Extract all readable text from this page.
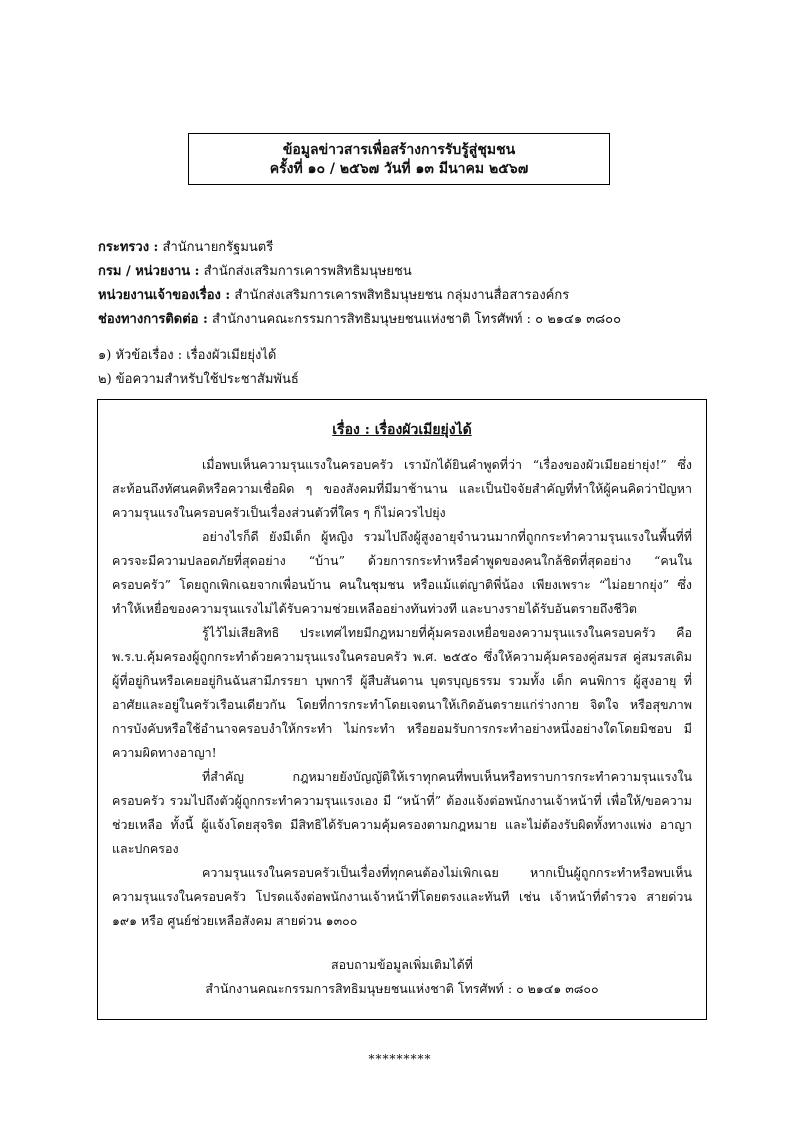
ข้อมูลข่าวสารเพื่อสร้างการรับรู้สู่ชุมชน
ครั้งที่ ๑๐ / ๒๕๖๗ วันที่ ๑๓ มีนาคม ๒๕๖๗
กระทรวง : สำนักนายกรัฐมนตรี
กรม / หน่วยงาน : สำนักส่งเสริมการเคารพสิทธิมนุษยชน
หน่วยงานเจ้าของเรื่อง : สำนักส่งเสริมการเคารพสิทธิมนุษยชน กลุ่มงานสื่อสารองค์กร
ช่องทางการติดต่อ : สำนักงานคณะกรรมการสิทธิมนุษยชนแห่งชาติ โทรศัพท์ : ๐ ๒๑๔๑ ๓๘๐๐
๑) หัวข้อเรื่อง : เรื่องผัวเมียยุ่งได้
๒) ข้อความสำหรับใช้ประชาสัมพันธ์
เรื่อง : เรื่องผัวเมียยุ่งได้

เมื่อพบเห็นความรุนแรงในครอบครัว เรามักได้ยินคำพูดที่ว่า “เรื่องของผัวเมียอย่ายุ่ง!” ซึ่งสะท้อนถึงทัศนคติหรือความเชื่อผิด ๆ ของสังคมที่มีมาช้านาน และเป็นปัจจัยสำคัญที่ทำให้ผู้คนคิดว่าปัญหาความรุนแรงในครอบครัวเป็นเรื่องส่วนตัวที่ใคร ๆ ก็ไม่ควรไปยุ่ง

อย่างไรก็ดี ยังมีเด็ก ผู้หญิง รวมไปถึงผู้สูงอายุจำนวนมากที่ถูกกระทำความรุนแรงในพื้นที่ที่ควรจะมีความปลอดภัยที่สุดอย่าง “บ้าน” ด้วยการกระทำหรือคำพูดของคนใกล้ชิดที่สุดอย่าง “คนในครอบครัว” โดยถูกเพิกเฉยจากเพื่อนบ้าน คนในชุมชน หรือแม้แต่ญาติพี่น้อง เพียงเพราะ “ไม่อยากยุ่ง” ซึ่งทำให้เหยื่อของความรุนแรงไม่ได้รับความช่วยเหลืออย่างทันท่วงที และบางรายได้รับอันตรายถึงชีวิต

รู้ไว้ไม่เสียสิทธิ ประเทศไทยมีกฎหมายที่คุ้มครองเหยื่อของความรุนแรงในครอบครัว คือ พ.ร.บ.คุ้มครองผู้ถูกกระทำด้วยความรุนแรงในครอบครัว พ.ศ. ๒๕๕๐ ซึ่งให้ความคุ้มครองคู่สมรส คู่สมรสเดิม ผู้ที่อยู่กินหรือเคยอยู่กินฉันสามีภรรยา บุพการี ผู้สืบสันดาน บุตรบุญธรรม รวมทั้ง เด็ก คนพิการ ผู้สูงอายุ ที่อาศัยและอยู่ในครัวเรือนเดียวกัน โดยที่การกระทำโดยเจตนาให้เกิดอันตรายแก่ร่างกาย จิตใจ หรือสุขภาพ การบังคับหรือใช้อำนาจครอบงำให้กระทำ ไม่กระทำ หรือยอมรับการกระทำอย่างหนึ่งอย่างใดโดยมิชอบ มีความผิดทางอาญา!

ที่สำคัญ กฎหมายยังบัญญัติให้เราทุกคนที่พบเห็นหรือทราบการกระทำความรุนแรงในครอบครัว รวมไปถึงตัวผู้ถูกกระทำความรุนแรงเอง มี “หน้าที่” ต้องแจ้งต่อพนักงานเจ้าหน้าที่ เพื่อให้/ขอความช่วยเหลือ ทั้งนี้ ผู้แจ้งโดยสุจริต มีสิทธิได้รับความคุ้มครองตามกฎหมาย และไม่ต้องรับผิดทั้งทางแพ่ง อาญา และปกครอง

ความรุนแรงในครอบครัวเป็นเรื่องที่ทุกคนต้องไม่เพิกเฉย หากเป็นผู้ถูกกระทำหรือพบเห็นความรุนแรงในครอบครัว โปรดแจ้งต่อพนักงานเจ้าหน้าที่โดยตรงและทันที เช่น เจ้าหน้าที่ตำรวจ สายด่วน ๑๙๑ หรือ ศูนย์ช่วยเหลือสังคม สายด่วน ๑๓๐๐

สอบถามข้อมูลเพิ่มเติมได้ที่
สำนักงานคณะกรรมการสิทธิมนุษยชนแห่งชาติ โทรศัพท์ : ๐ ๒๑๔๑ ๓๘๐๐
*********
